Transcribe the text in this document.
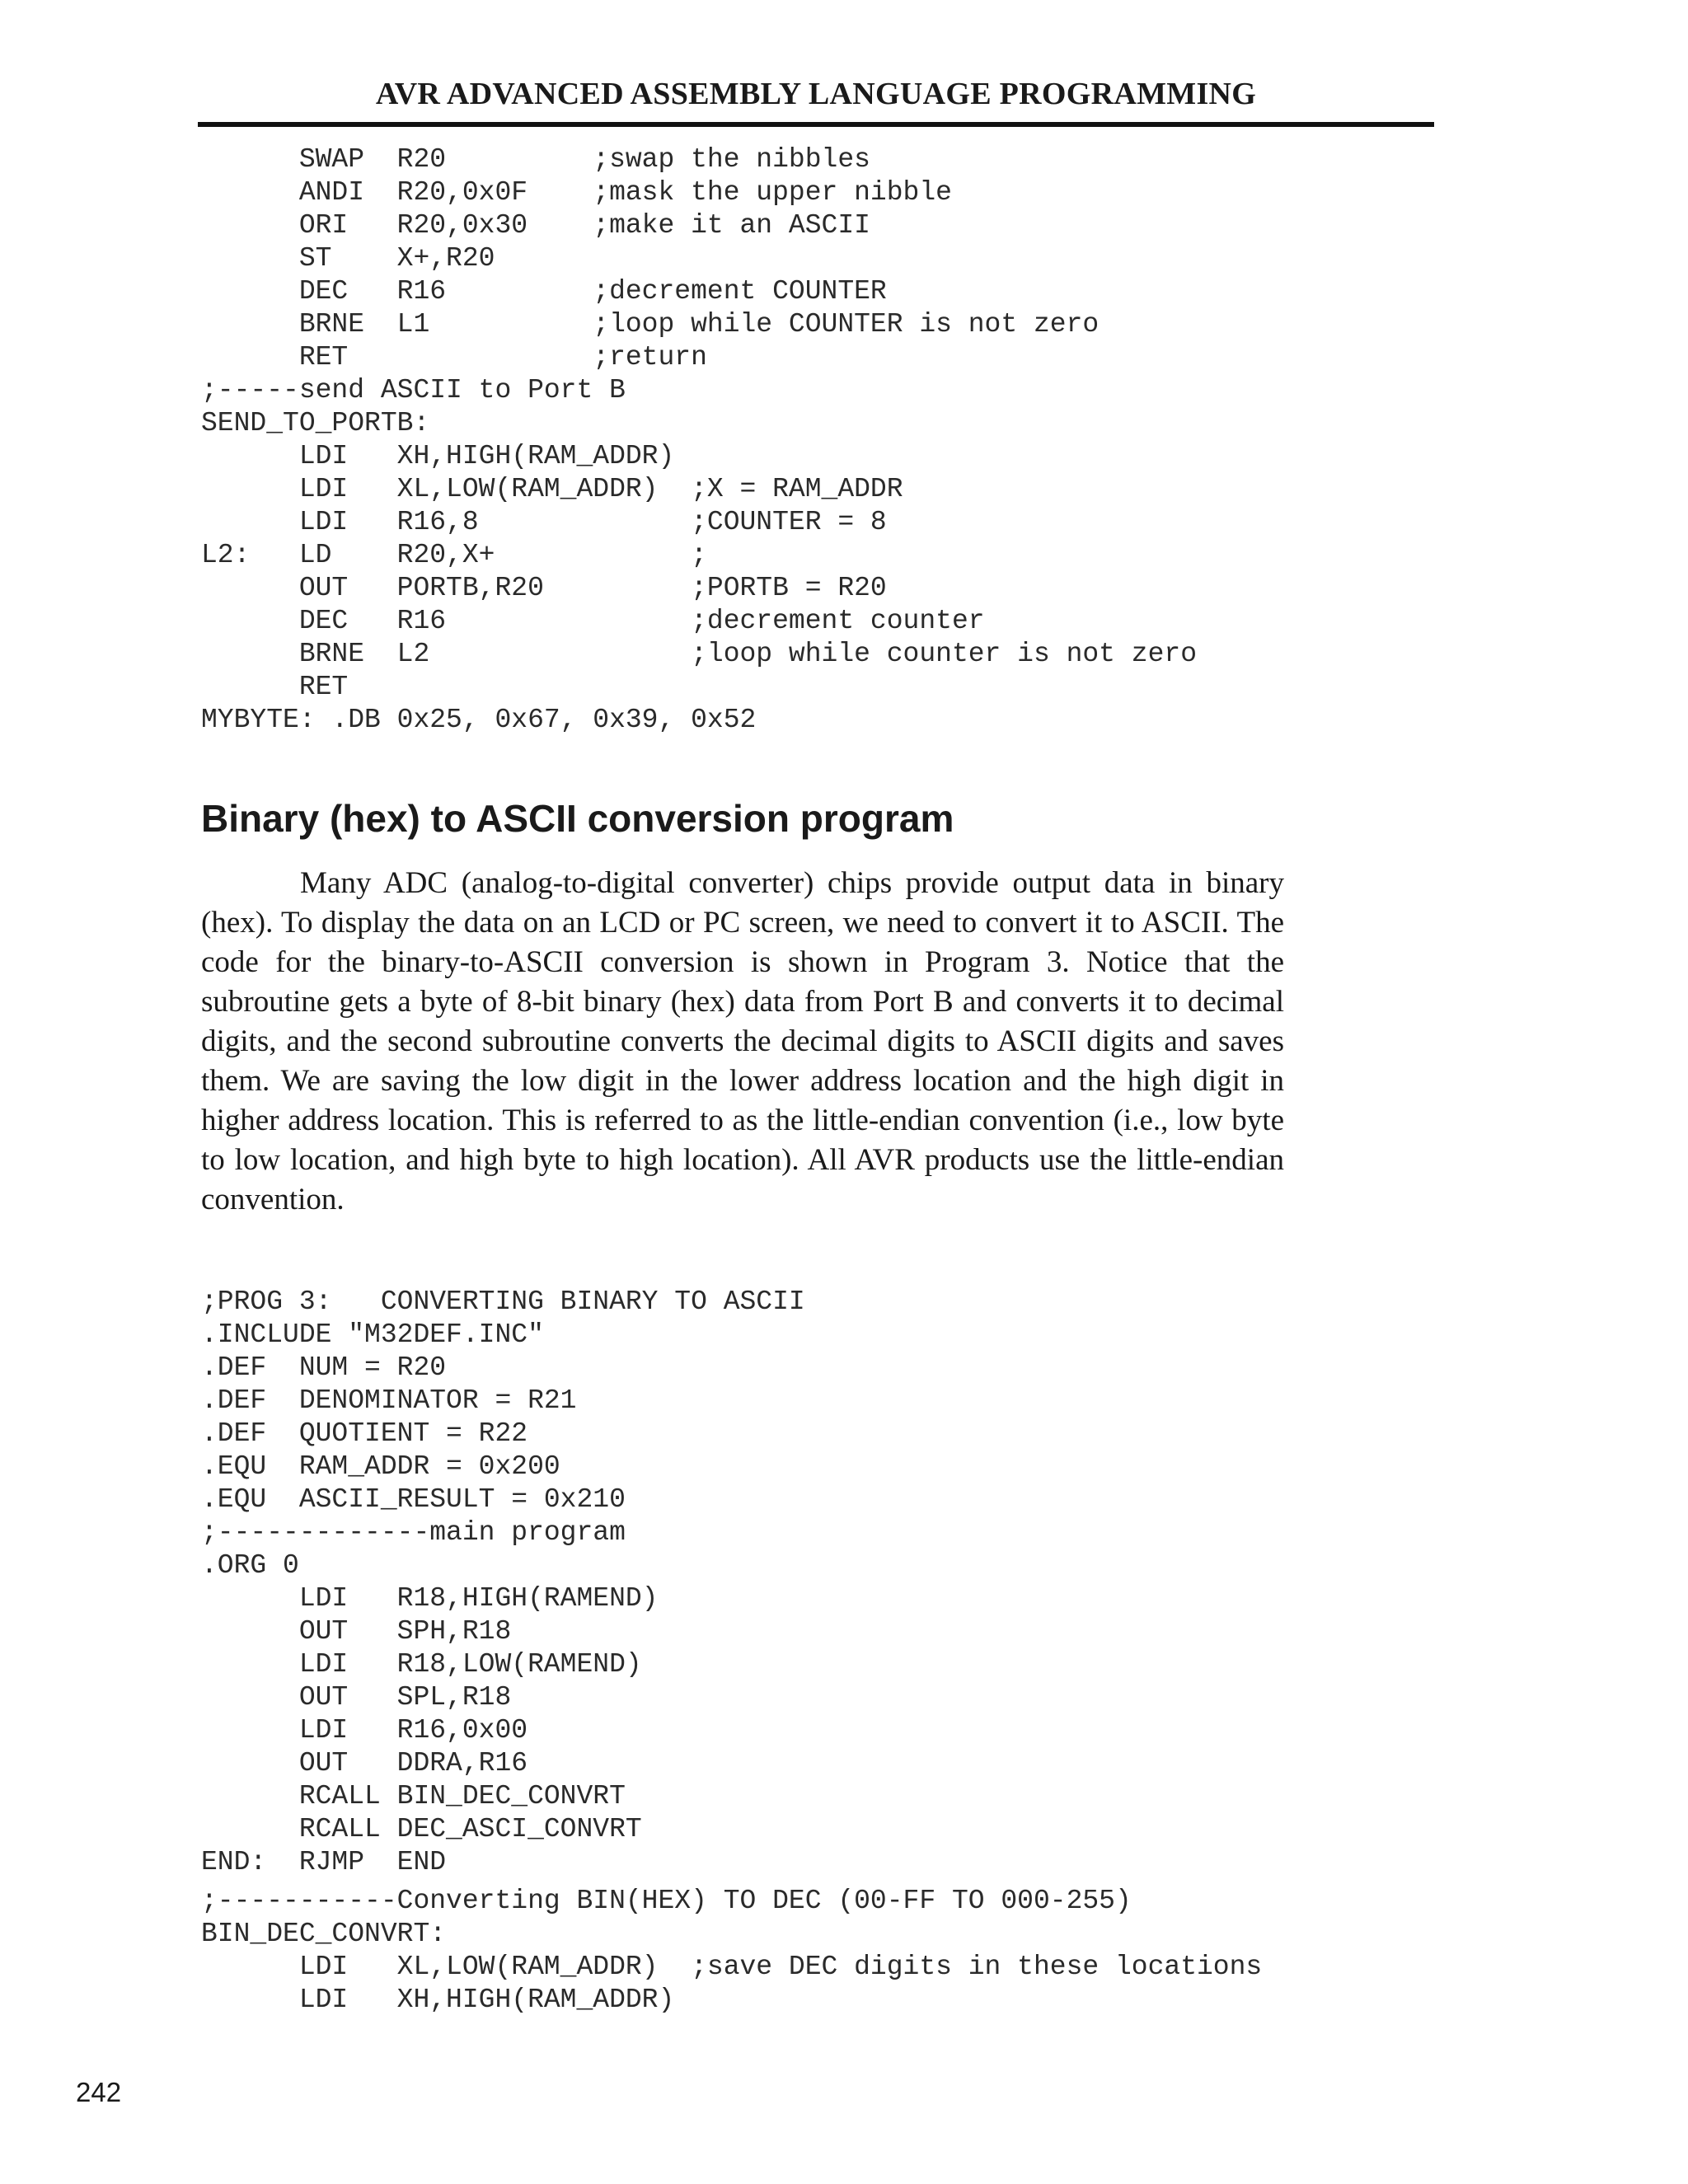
AVR ADVANCED ASSEMBLY LANGUAGE PROGRAMMING
SWAP  R20         ;swap the nibbles
ANDI  R20,0x0F    ;mask the upper nibble
ORI   R20,0x30    ;make it an ASCII
ST    X+,R20
DEC   R16         ;decrement COUNTER
BRNE  L1          ;loop while COUNTER is not zero
RET               ;return
;-----send ASCII to Port B
SEND_TO_PORTB:
LDI   XH,HIGH(RAM_ADDR)
LDI   XL,LOW(RAM_ADDR)  ;X = RAM_ADDR
LDI   R16,8             ;COUNTER = 8
L2:   LD    R20,X+            ;
OUT   PORTB,R20         ;PORTB = R20
DEC   R16               ;decrement counter
BRNE  L2                ;loop while counter is not zero
RET
MYBYTE: .DB 0x25, 0x67, 0x39, 0x52
Binary (hex) to ASCII conversion program

Many ADC (analog-to-digital converter) chips provide output data in binary (hex). To display the data on an LCD or PC screen, we need to convert it to ASCII. The code for the binary-to-ASCII conversion is shown in Program 3. Notice that the subroutine gets a byte of 8-bit binary (hex) data from Port B and converts it to decimal digits, and the second subroutine converts the decimal digits to ASCII digits and saves them. We are saving the low digit in the lower address location and the high digit in higher address location. This is referred to as the little-endian convention (i.e., low byte to low location, and high byte to high location). All AVR products use the little-endian convention.

;PROG 3:   CONVERTING BINARY TO ASCII
.INCLUDE "M32DEF.INC"
.DEF  NUM = R20
.DEF  DENOMINATOR = R21
.DEF  QUOTIENT = R22
.EQU  RAM_ADDR = 0x200
.EQU  ASCII_RESULT = 0x210
;-------------main program
.ORG 0
LDI   R18,HIGH(RAMEND)
OUT   SPH,R18
LDI   R18,LOW(RAMEND)
OUT   SPL,R18
LDI   R16,0x00
OUT   DDRA,R16
RCALL BIN_DEC_CONVRT
RCALL DEC_ASCI_CONVRT
END:  RJMP  END
;-----------Converting BIN(HEX) TO DEC (00-FF TO 000-255)
BIN_DEC_CONVRT:
LDI   XL,LOW(RAM_ADDR)  ;save DEC digits in these locations
LDI   XH,HIGH(RAM_ADDR)
242
